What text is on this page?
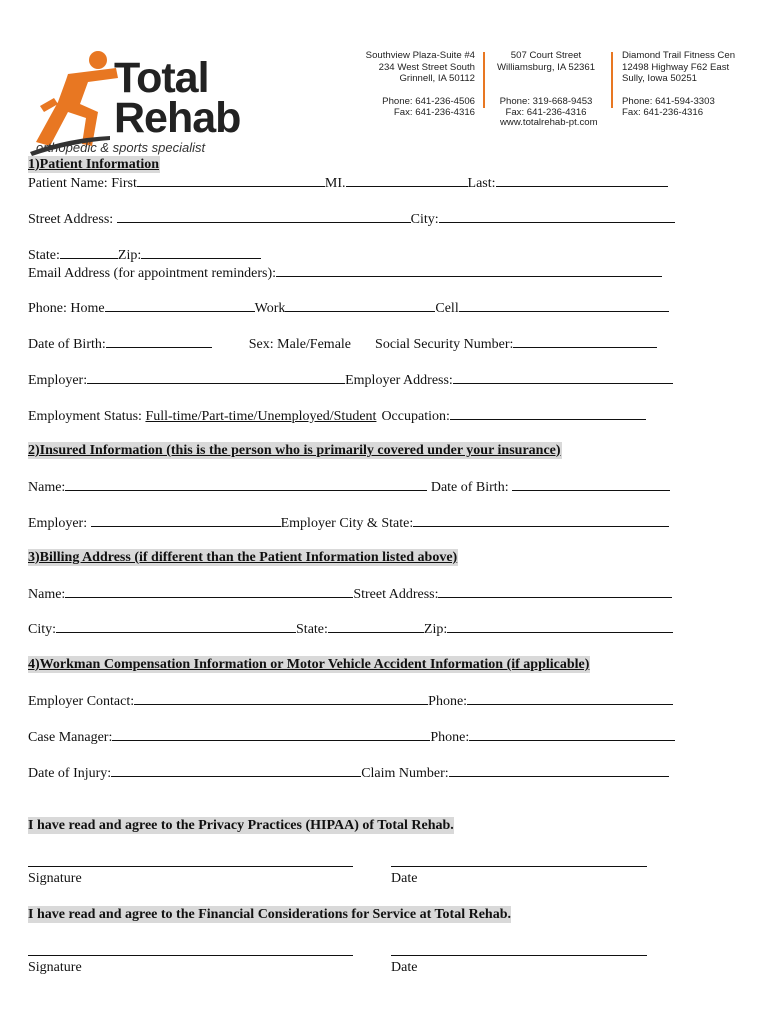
Total
Rehab
orthopedic & sports specialist
Southview Plaza-Suite #4
234 West Street South
Grinnell, IA 50112
Phone: 641-236-4506
Fax: 641-236-4316
507 Court Street
Williamsburg, IA 52361
Phone: 319-668-9453
Fax: 641-236-4316
Diamond Trail Fitness Cen
12498 Highway F62 East
Sully, Iowa 50251
Phone: 641-594-3303
Fax: 641-236-4316
www.totalrehab-pt.com
1)Patient Information
Patient Name: First	MI.	Last:
Street Address:	City:
State:	Zip:
Email Address (for appointment reminders):
Phone: Home	Work	Cell
Date of Birth:	Sex: Male/Female Social Security Number:
Employer:	Employer Address:
Employment Status: Full-time/Part-time/Unemployed/Student Occupation:
2)Insured Information (this is the person who is primarily covered under your insurance)
Name:	Date of Birth:
Employer:	Employer City & State:
3)Billing Address (if different than the Patient Information listed above)
Name:	Street Address:
City:	State:	Zip:
4)Workman Compensation Information or Motor Vehicle Accident Information (if applicable)
Employer Contact:	Phone:
Case Manager:	Phone:
Date of Injury:	Claim Number:
I have read and agree to the Privacy Practices (HIPAA) of Total Rehab.
Signature	Date
I have read and agree to the Financial Considerations for Service at Total Rehab.
Signature	Date
